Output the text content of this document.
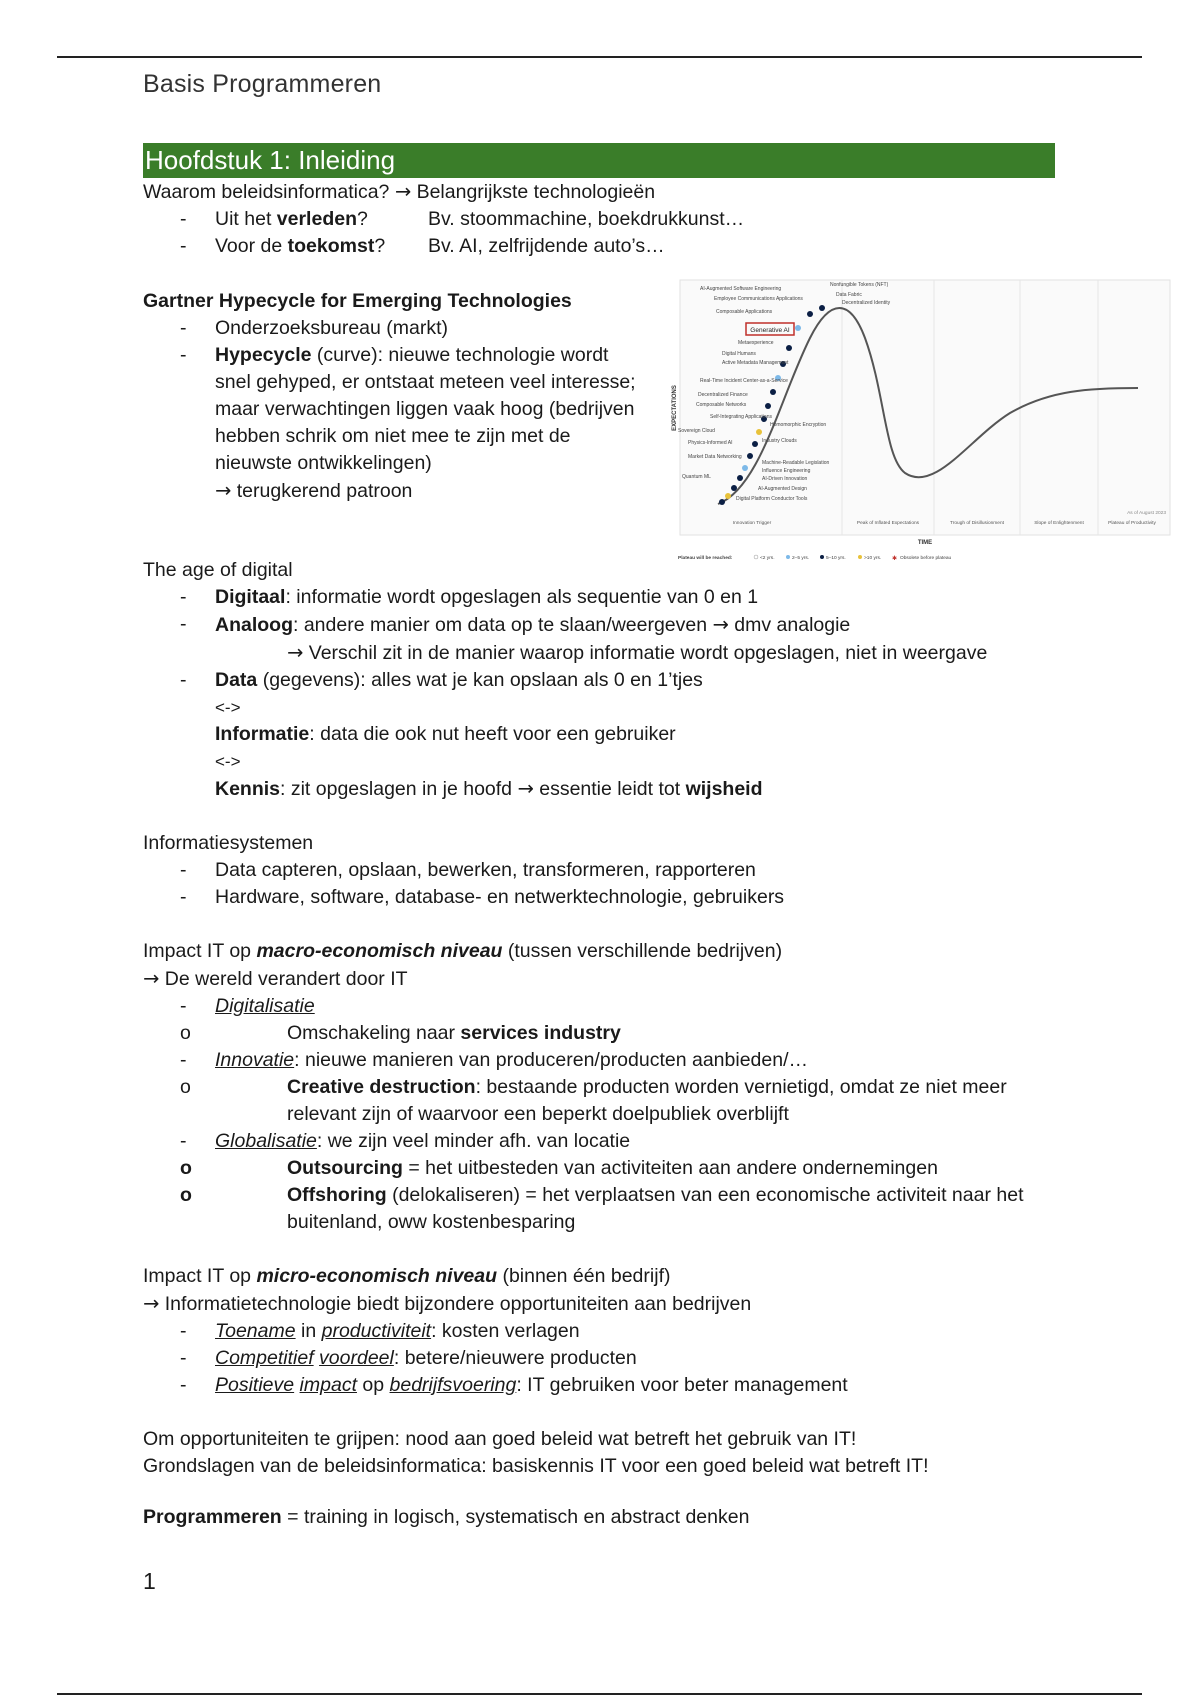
Basis Programmeren
Hoofdstuk 1: Inleiding

Waarom beleidsinformatica? → Belangrijkste technologieën

- Uit het verleden?	Bv. stoommachine, boekdrukkunst…
- Voor de toekomst? Bv. AI, zelfrijdende auto’s…

Gartner Hypecycle for Emerging Technologies

- Onderzoeksbureau (markt)
- Hypecycle (curve): nieuwe technologie wordt snel gehyped, er ontstaat meteen veel interesse; maar verwachtingen liggen vaak hoog (bedrijven hebben schrik om niet mee te zijn met de nieuwste ontwikkelingen)
→ terugkerend patroon
Generative AI
AI-Augmented Software Engineering
Employee Communications Applications
Composable Applications
Metaexperience
Digital Humans
Active Metadata Management
Real-Time Incident Center-as-a-Service
Decentralized Finance
Composable Networks
Self-Integrating Applications
Sovereign Cloud
Physics-Informed AI
Market Data Networking
Quantum ML
Nonfungible Tokens (NFT)
Data Fabric
Decentralized Identity
Homomorphic Encryption
Industry Clouds
Machine-Readable Legislation
Influence Engineering
AI-Driven Innovation
AI-Augmented Design
Digital Platform Conductor Tools
EXPECTATIONS
Innovation Trigger	Peak of Inflated Expectations	Trough of Disillusionment	Slope of Enlightenment	Plateau of Productivity
As of August 2023
TIME
Plateau will be reached:	<2 yrs.	2–5 yrs.	5–10 yrs.	>10 yrs. ✱ Obsolete before plateau

The age of digital

- Digitaal: informatie wordt opgeslagen als sequentie van 0 en 1
- Analoog: andere manier om data op te slaan/weergeven → dmv analogie
→ Verschil zit in de manier waarop informatie wordt opgeslagen, niet in weergave
- Data (gegevens): alles wat je kan opslaan als 0 en 1’tjes
<->
Informatie: data die ook nut heeft voor een gebruiker
<->
Kennis: zit opgeslagen in je hoofd → essentie leidt tot wijsheid

Informatiesystemen

- Data capteren, opslaan, bewerken, transformeren, rapporteren
- Hardware, software, database- en netwerktechnologie, gebruikers

Impact IT op macro-economisch niveau (tussen verschillende bedrijven)

→ De wereld verandert door IT

- Digitalisatie
o Omschakeling naar services industry
- Innovatie: nieuwe manieren van produceren/producten aanbieden/…
o Creative destruction: bestaande producten worden vernietigd, omdat ze niet meer relevant zijn of waarvoor een beperkt doelpubliek overblijft
- Globalisatie: we zijn veel minder afh. van locatie
o Outsourcing = het uitbesteden van activiteiten aan andere ondernemingen
o Offshoring (delokaliseren) = het verplaatsen van een economische activiteit naar het buitenland, oww kostenbesparing

Impact IT op micro-economisch niveau (binnen één bedrijf)

→ Informatietechnologie biedt bijzondere opportuniteiten aan bedrijven

- Toename in productiviteit: kosten verlagen
- Competitief voordeel: betere/nieuwere producten
- Positieve impact op bedrijfsvoering: IT gebruiken voor beter management

Om opportuniteiten te grijpen: nood aan goed beleid wat betreft het gebruik van IT!

Grondslagen van de beleidsinformatica: basiskennis IT voor een goed beleid wat betreft IT!

Programmeren = training in logisch, systematisch en abstract denken

1
